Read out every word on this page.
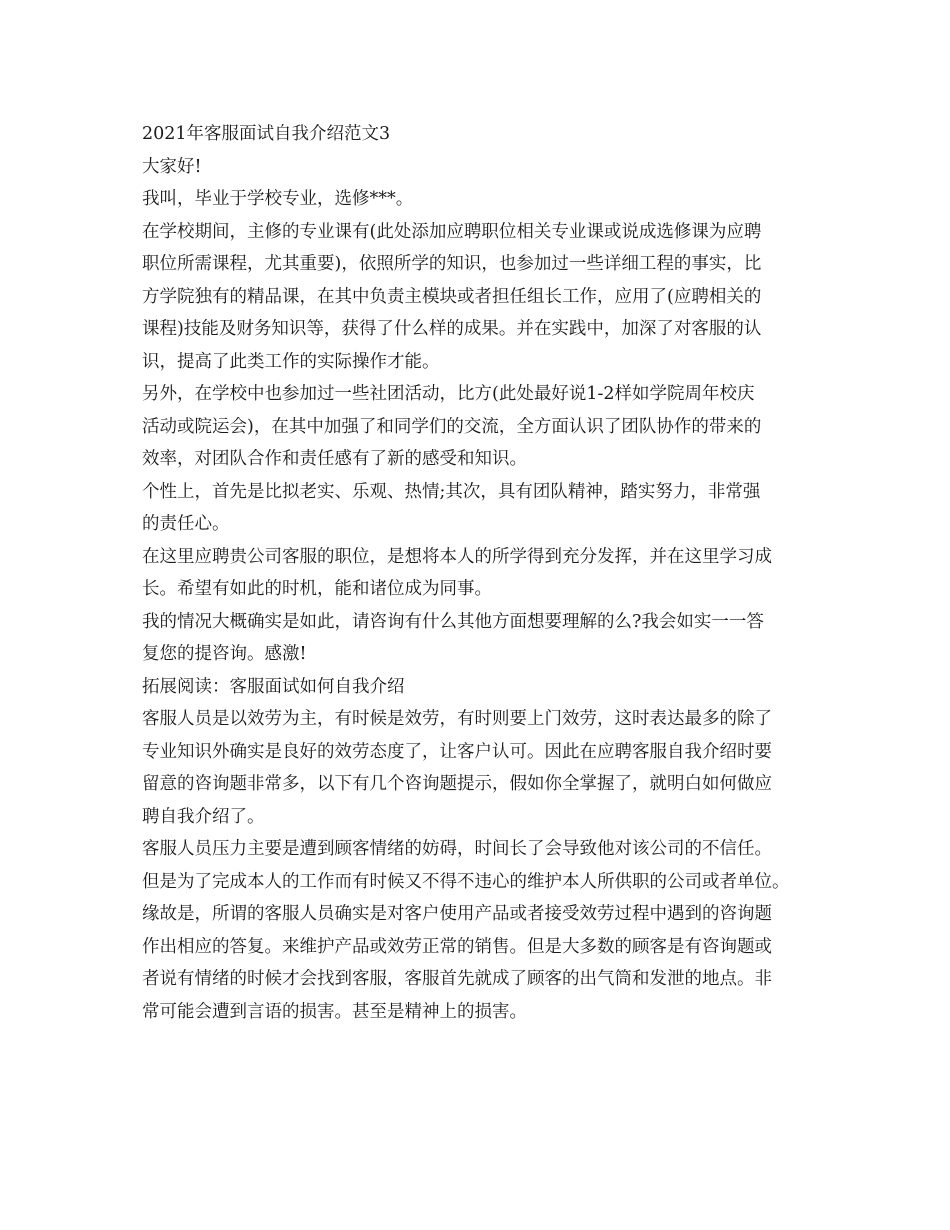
2021年客服面试自我介绍范文3

大家好!

我叫，毕业于学校专业，选修***。

在学校期间，主修的专业课有(此处添加应聘职位相关专业课或说成选修课为应聘

职位所需课程，尤其重要)，依照所学的知识，也参加过一些详细工程的事实，比

方学院独有的精品课，在其中负责主模块或者担任组长工作，应用了(应聘相关的

课程)技能及财务知识等，获得了什么样的成果。并在实践中，加深了对客服的认

识，提高了此类工作的实际操作才能。

另外，在学校中也参加过一些社团活动，比方(此处最好说1-2样如学院周年校庆

活动或院运会)，在其中加强了和同学们的交流，全方面认识了团队协作的带来的

效率，对团队合作和责任感有了新的感受和知识。

个性上，首先是比拟老实、乐观、热情;其次，具有团队精神，踏实努力，非常强

的责任心。

在这里应聘贵公司客服的职位，是想将本人的所学得到充分发挥，并在这里学习成

长。希望有如此的时机，能和诸位成为同事。

我的情况大概确实是如此，请咨询有什么其他方面想要理解的么?我会如实一一答

复您的提咨询。感激!

拓展阅读：客服面试如何自我介绍

客服人员是以效劳为主，有时候是效劳，有时则要上门效劳，这时表达最多的除了

专业知识外确实是良好的效劳态度了，让客户认可。因此在应聘客服自我介绍时要

留意的咨询题非常多，以下有几个咨询题提示，假如你全掌握了，就明白如何做应

聘自我介绍了。

客服人员压力主要是遭到顾客情绪的妨碍，时间长了会导致他对该公司的不信任。

但是为了完成本人的工作而有时候又不得不违心的维护本人所供职的公司或者单位。

缘故是，所谓的客服人员确实是对客户使用产品或者接受效劳过程中遇到的咨询题

作出相应的答复。来维护产品或效劳正常的销售。但是大多数的顾客是有咨询题或

者说有情绪的时候才会找到客服，客服首先就成了顾客的出气筒和发泄的地点。非

常可能会遭到言语的损害。甚至是精神上的损害。
